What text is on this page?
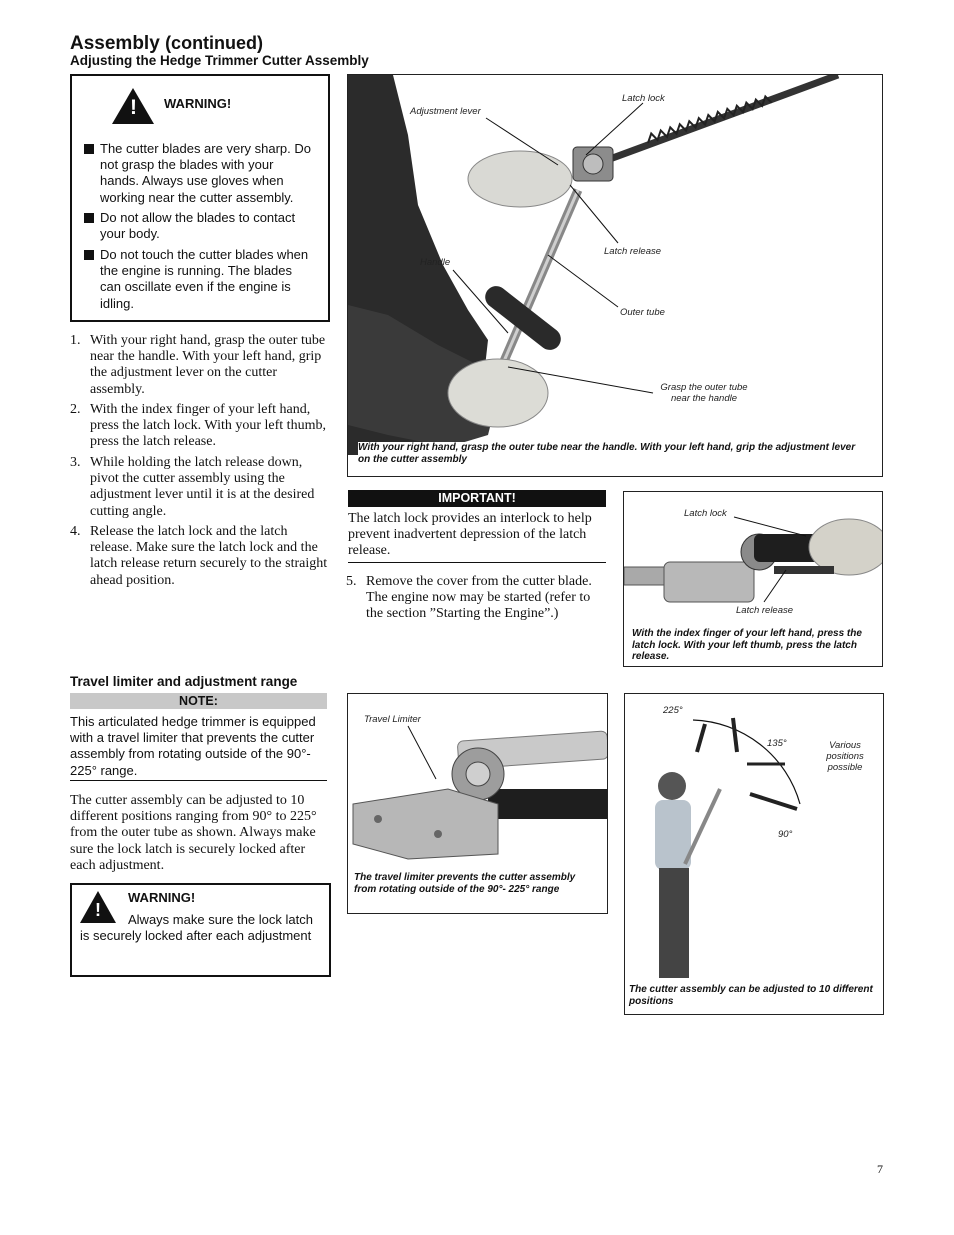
Assembly (continued)
Adjusting the Hedge Trimmer Cutter Assembly
! WARNING!
The cutter blades are very sharp. Do not grasp the blades with your hands. Always use gloves when working near the cutter assembly.
Do not allow the blades to contact your body.
Do not touch the cutter blades when the engine is running. The blades can oscillate even if the engine is idling.
1. With your right hand, grasp the outer tube near the handle. With your left hand, grip the adjustment lever on the cutter assembly.
2. With the index finger of your left hand, press the latch lock. With your left thumb, press the latch release.
3. While holding the latch release down, pivot the cutter assembly using the adjustment lever until it is at the desired cutting angle.
4. Release the latch lock and the latch release. Make sure the latch lock and the latch release return securely to the straight ahead position.
Adjustment lever
Latch lock
Latch release
Handle
Outer tube
Grasp the outer tube near the handle
With your right hand, grasp the outer tube near the handle. With your left hand, grip the adjustment lever on the cutter assembly
IMPORTANT!
The latch lock provides an interlock to help prevent inadvertent depression of the latch release.
5. Remove the cover from the cutter blade. The engine now may be started (refer to the section ”Starting the Engine”.)
Latch lock
Latch release
With the index finger of your left hand, press the latch lock. With your left thumb, press the latch release.
Travel limiter and adjustment range
NOTE:
This articulated hedge trimmer is equipped with a travel limiter that prevents the cutter assembly from rotating outside of the 90°- 225° range.
The cutter assembly can be adjusted to 10 different positions ranging from 90° to 225° from the outer tube as shown. Always make sure the lock latch is securely locked after each adjustment.
!
WARNING!
Always make sure the lock latch is securely locked after each adjustment
Travel Limiter
The travel limiter prevents the cutter assembly from rotating outside of the 90°- 225° range
225°
135°
90°
Various positions possible
The cutter assembly can be adjusted to 10 different positions
7
